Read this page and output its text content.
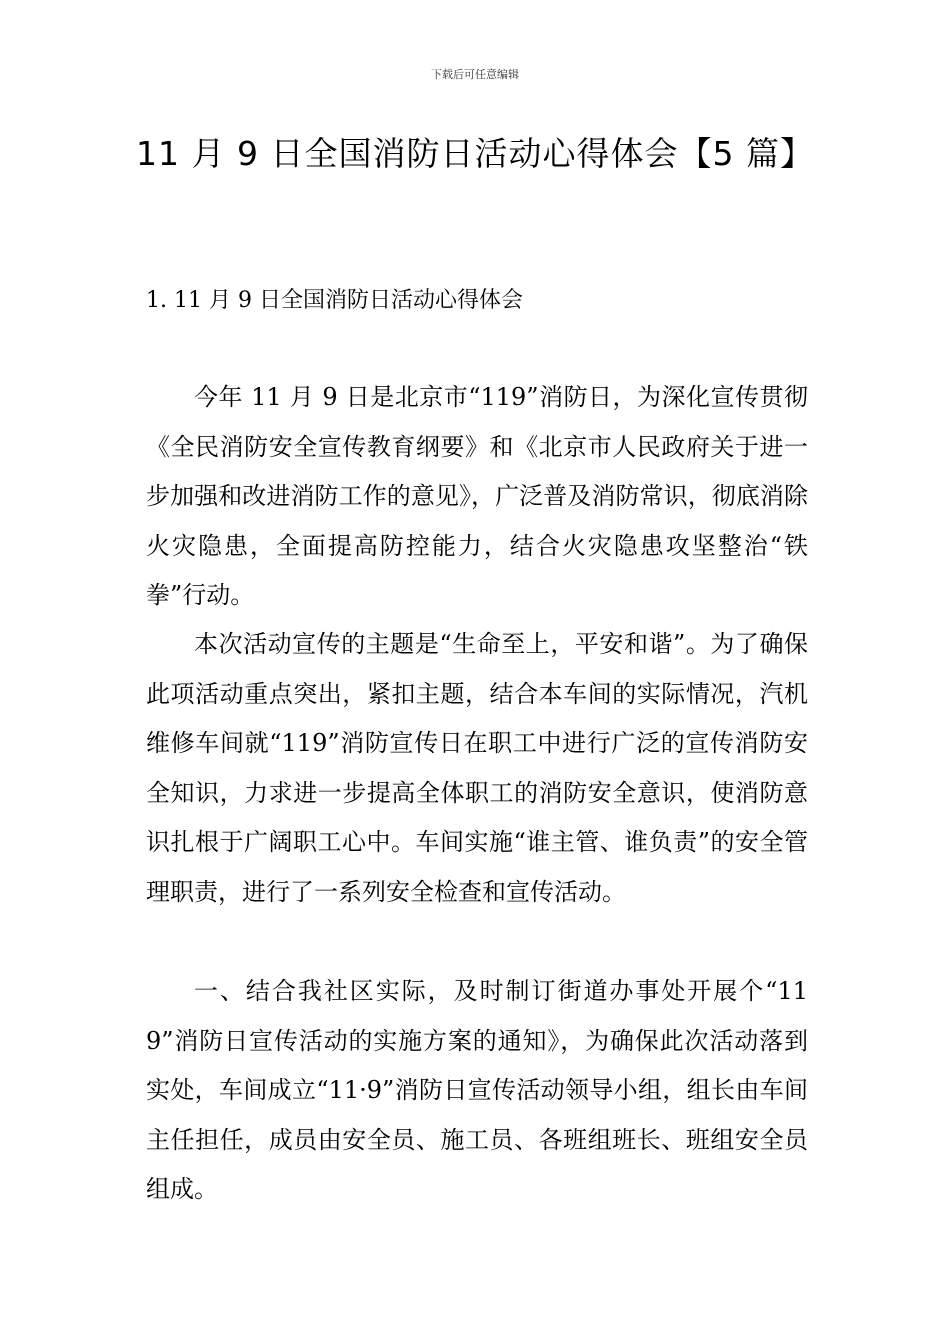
下载后可任意编辑
11 月 9 日全国消防日活动心得体会【5 篇】
1. 11 月 9 日全国消防日活动心得体会

今年 11 月 9 日是北京市“119”消防日，为深化宣传贯彻《全民消防安全宣传教育纲要》和《北京市人民政府关于进一步加强和改进消防工作的意见》，广泛普及消防常识，彻底消除火灾隐患，全面提高防控能力，结合火灾隐患攻坚整治“铁拳”行动。

本次活动宣传的主题是“生命至上，平安和谐”。为了确保此项活动重点突出，紧扣主题，结合本车间的实际情况，汽机维修车间就“119”消防宣传日在职工中进行广泛的宣传消防安全知识，力求进一步提高全体职工的消防安全意识，使消防意识扎根于广阔职工心中。车间实施“谁主管、谁负责”的安全管理职责，进行了一系列安全检查和宣传活动。

一、结合我社区实际，及时制订街道办事处开展个“119”消防日宣传活动的实施方案的通知》，为确保此次活动落到实处，车间成立“11·9”消防日宣传活动领导小组，组长由车间主任担任，成员由安全员、施工员、各班组班长、班组安全员组成。
